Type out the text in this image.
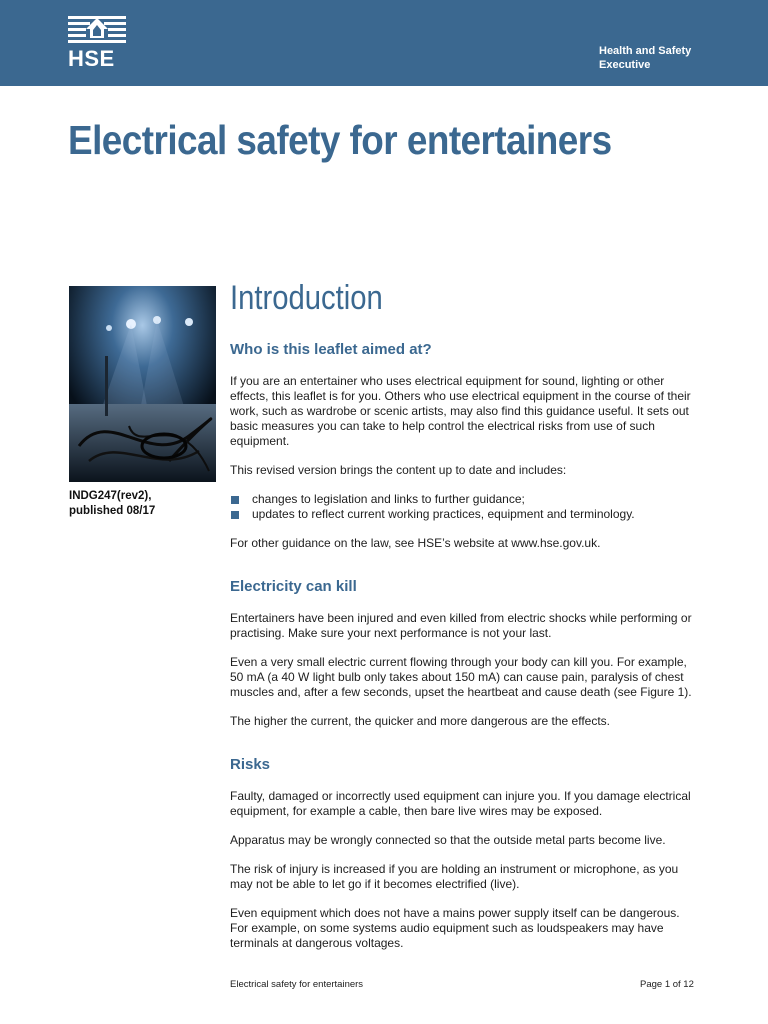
HSE	Health and Safety
Executive
Electrical safety for entertainers
INDG247(rev2),
published 08/17
Introduction
Who is this leaflet aimed at?

If you are an entertainer who uses electrical equipment for sound, lighting or other effects, this leaflet is for you. Others who use electrical equipment in the course of their work, such as wardrobe or scenic artists, may also find this guidance useful. It sets out basic measures you can take to help control the electrical risks from use of such equipment.

This revised version brings the content up to date and includes:

changes to legislation and links to further guidance;
updates to reflect current working practices, equipment and terminology.

For other guidance on the law, see HSE’s website at www.hse.gov.uk.

Electricity can kill

Entertainers have been injured and even killed from electric shocks while performing or practising. Make sure your next performance is not your last.

Even a very small electric current flowing through your body can kill you. For example, 50 mA (a 40 W light bulb only takes about 150 mA) can cause pain, paralysis of chest muscles and, after a few seconds, upset the heartbeat and cause death (see Figure 1).

The higher the current, the quicker and more dangerous are the effects.

Risks

Faulty, damaged or incorrectly used equipment can injure you. If you damage electrical equipment, for example a cable, then bare live wires may be exposed.

Apparatus may be wrongly connected so that the outside metal parts become live.

The risk of injury is increased if you are holding an instrument or microphone, as you may not be able to let go if it becomes electrified (live).

Even equipment which does not have a mains power supply itself can be dangerous. For example, on some systems audio equipment such as loudspeakers may have terminals at dangerous voltages.

Electrical safety for entertainers	Page 1 of 12
